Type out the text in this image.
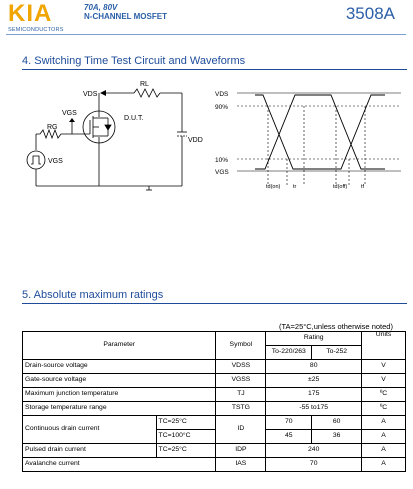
KIA
SEMICONDUCTORS
70A, 80V
N-CHANNEL MOSFET	3508A
4. Switching Time Test Circuit and Waveforms
VDS
RL
VGS
RG
D.U.T.
VDD
VGS
VDS
90%
10%
VGS
td(on) tr	td(off) tf
5. Absolute maximum ratings
(TA=25°C,unless otherwise noted)
Parameter		Symbol	Rating		Units
			To-220/263	To-252	
Drain-source voltage		VDSS	80		V
Gate-source voltage		VGSS	±25		V
Maximum junction temperature		TJ	175		ºC
Storage temperature range		TSTG	-55 to175		ºC
Continuous drain current	TC=25°C	ID	70	60	A
	TC=100°C		45	36	A
Pulsed drain current	TC=25°C	IDP	240		A
Avalanche current		IAS	70		A
